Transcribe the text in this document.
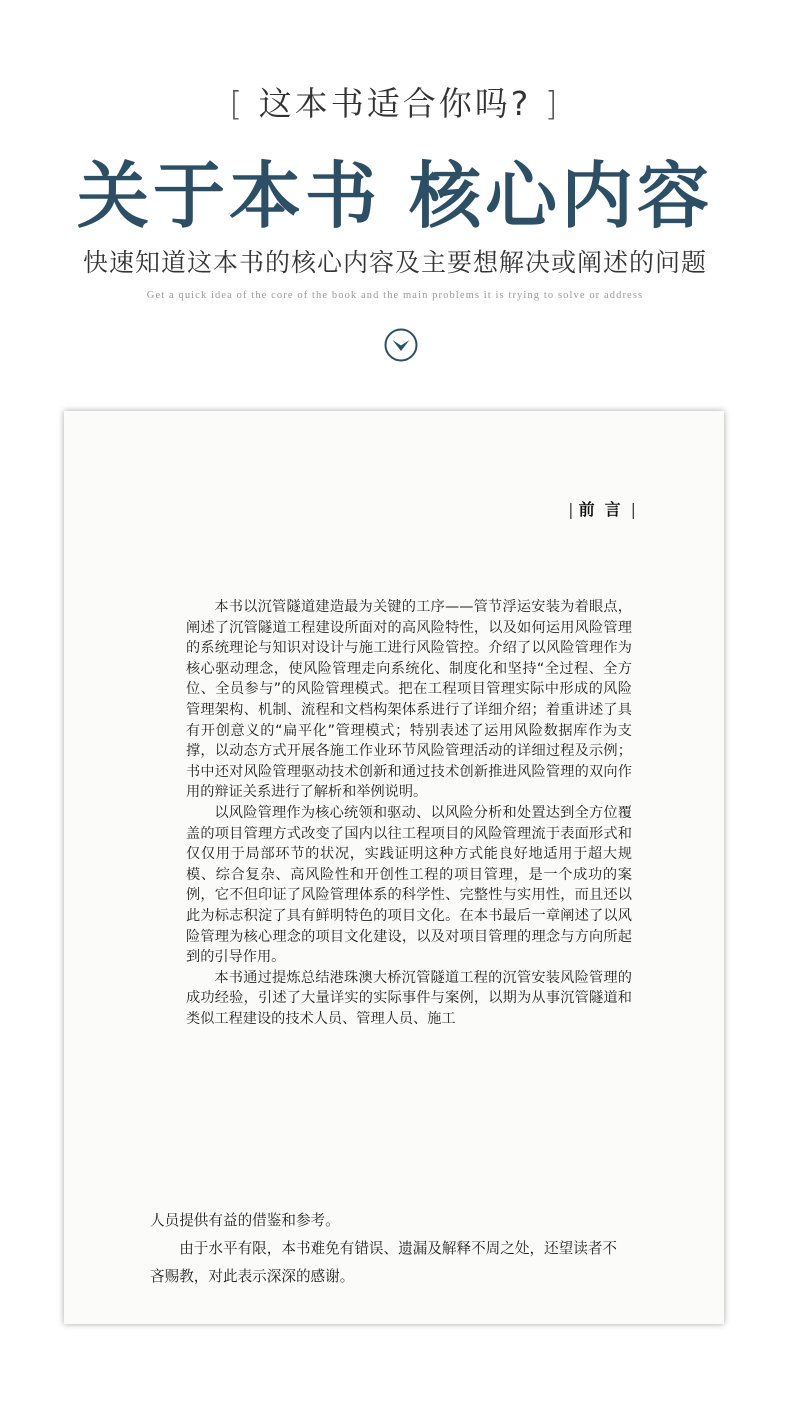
[ 这本书适合你吗? ]
关于本书 核心内容
快速知道这本书的核心内容及主要想解决或阐述的问题
Get a quick idea of the core of the book and the main problems it is trying to solve or address
| 前言|

本书以沉管隧道建造最为关键的工序——管节浮运安装为着眼点，阐述了沉管隧道工程建设所面对的高风险特性，以及如何运用风险管理的系统理论与知识对设计与施工进行风险管控。介绍了以风险管理作为核心驱动理念，使风险管理走向系统化、制度化和坚持“全过程、全方位、全员参与”的风险管理模式。把在工程项目管理实际中形成的风险管理架构、机制、流程和文档构架体系进行了详细介绍；着重讲述了具有开创意义的“扁平化”管理模式；特别表述了运用风险数据库作为支撑，以动态方式开展各施工作业环节风险管理活动的详细过程及示例；书中还对风险管理驱动技术创新和通过技术创新推进风险管理的双向作用的辩证关系进行了解析和举例说明。

以风险管理作为核心统领和驱动、以风险分析和处置达到全方位覆盖的项目管理方式改变了国内以往工程项目的风险管理流于表面形式和仅仅用于局部环节的状况，实践证明这种方式能良好地适用于超大规模、综合复杂、高风险性和开创性工程的项目管理，是一个成功的案例，它不但印证了风险管理体系的科学性、完整性与实用性，而且还以此为标志积淀了具有鲜明特色的项目文化。在本书最后一章阐述了以风险管理为核心理念的项目文化建设，以及对项目管理的理念与方向所起到的引导作用。

本书通过提炼总结港珠澳大桥沉管隧道工程的沉管安装风险管理的成功经验，引述了大量详实的实际事件与案例，以期为从事沉管隧道和类似工程建设的技术人员、管理人员、施工

人员提供有益的借鉴和参考。

由于水平有限，本书难免有错误、遗漏及解释不周之处，还望读者不吝赐教，对此表示深深的感谢。
